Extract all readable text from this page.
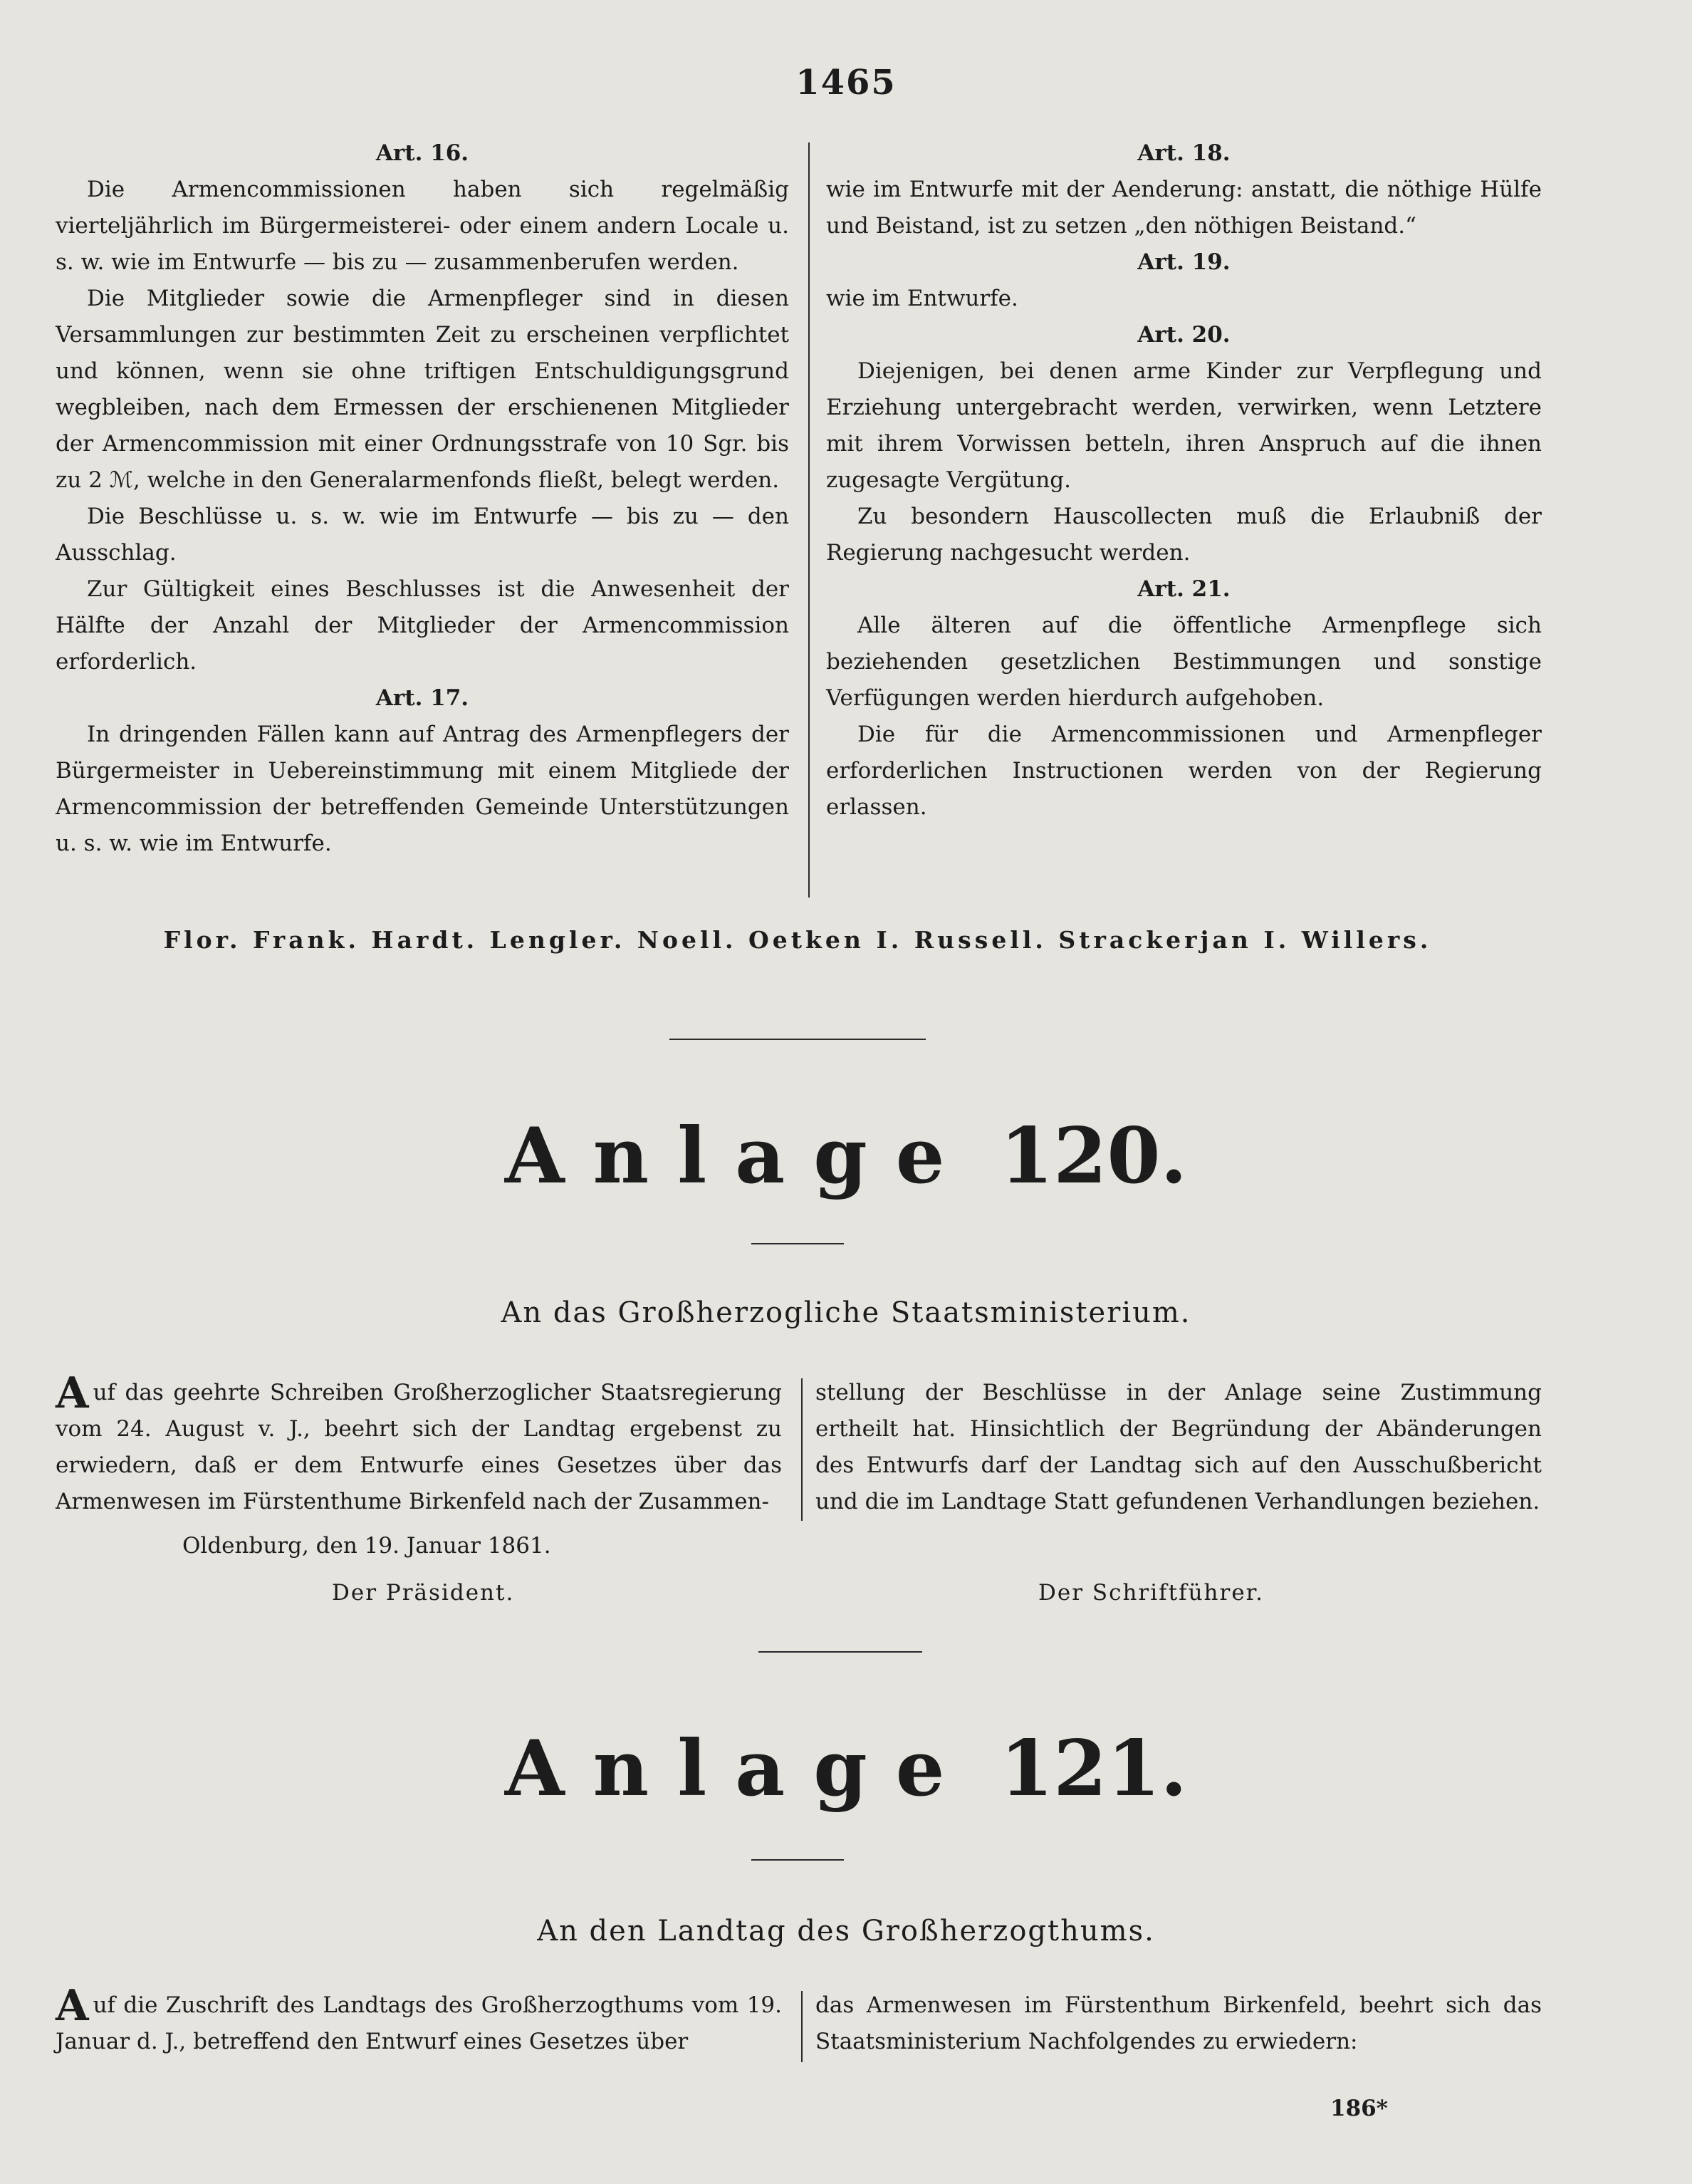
1465

Art. 16.

Die Armencommissionen haben sich regelmäßig vierteljährlich im Bürgermeisterei- oder einem andern Locale u. s. w. wie im Entwurfe — bis zu — zusammenberufen werden.

Die Mitglieder sowie die Armenpfleger sind in diesen Versammlungen zur bestimmten Zeit zu erscheinen verpflichtet und können, wenn sie ohne triftigen Entschuldigungsgrund wegbleiben, nach dem Ermessen der erschienenen Mitglieder der Armencommission mit einer Ordnungsstrafe von 10 Sgr. bis zu 2 ℳ, welche in den Generalarmenfonds fließt, belegt werden.

Die Beschlüsse u. s. w. wie im Entwurfe — bis zu — den Ausschlag.

Zur Gültigkeit eines Beschlusses ist die Anwesenheit der Hälfte der Anzahl der Mitglieder der Armencommission erforderlich.

Art. 17.

In dringenden Fällen kann auf Antrag des Armenpflegers der Bürgermeister in Uebereinstimmung mit einem Mitgliede der Armencommission der betreffenden Gemeinde Unterstützungen u. s. w. wie im Entwurfe.

Art. 18.

wie im Entwurfe mit der Aenderung: anstatt, die nöthige Hülfe und Beistand, ist zu setzen „den nöthigen Beistand.“

Art. 19.

wie im Entwurfe.

Art. 20.

Diejenigen, bei denen arme Kinder zur Verpflegung und Erziehung untergebracht werden, verwirken, wenn Letztere mit ihrem Vorwissen betteln, ihren Anspruch auf die ihnen zugesagte Vergütung.

Zu besondern Hauscollecten muß die Erlaubniß der Regierung nachgesucht werden.

Art. 21.

Alle älteren auf die öffentliche Armenpflege sich beziehenden gesetzlichen Bestimmungen und sonstige Verfügungen werden hierdurch aufgehoben.

Die für die Armencommissionen und Armenpfleger erforderlichen Instructionen werden von der Regierung erlassen.

Flor. Frank. Hardt. Lengler. Noell. Oetken I. Russell. Strackerjan I. Willers.
Anlage 120.
An das Großherzogliche Staatsministerium.
A uf das geehrte Schreiben Großherzoglicher Staatsregierung vom 24. August v. J., beehrt sich der Landtag ergebenst zu erwiedern, daß er dem Entwurfe eines Gesetzes über das Armenwesen im Fürstenthume Birkenfeld nach der Zusammen-

stellung der Beschlüsse in der Anlage seine Zustimmung ertheilt hat. Hinsichtlich der Begründung der Abänderungen des Entwurfs darf der Landtag sich auf den Ausschußbericht und die im Landtage Statt gefundenen Verhandlungen beziehen.

Oldenburg, den 19. Januar 1861.
Der Präsident.	Der Schriftführer.
Anlage 121.
An den Landtag des Großherzogthums.
A uf die Zuschrift des Landtags des Großherzogthums vom 19. Januar d. J., betreffend den Entwurf eines Gesetzes über

das Armenwesen im Fürstenthum Birkenfeld, beehrt sich das Staatsministerium Nachfolgendes zu erwiedern:

186*
